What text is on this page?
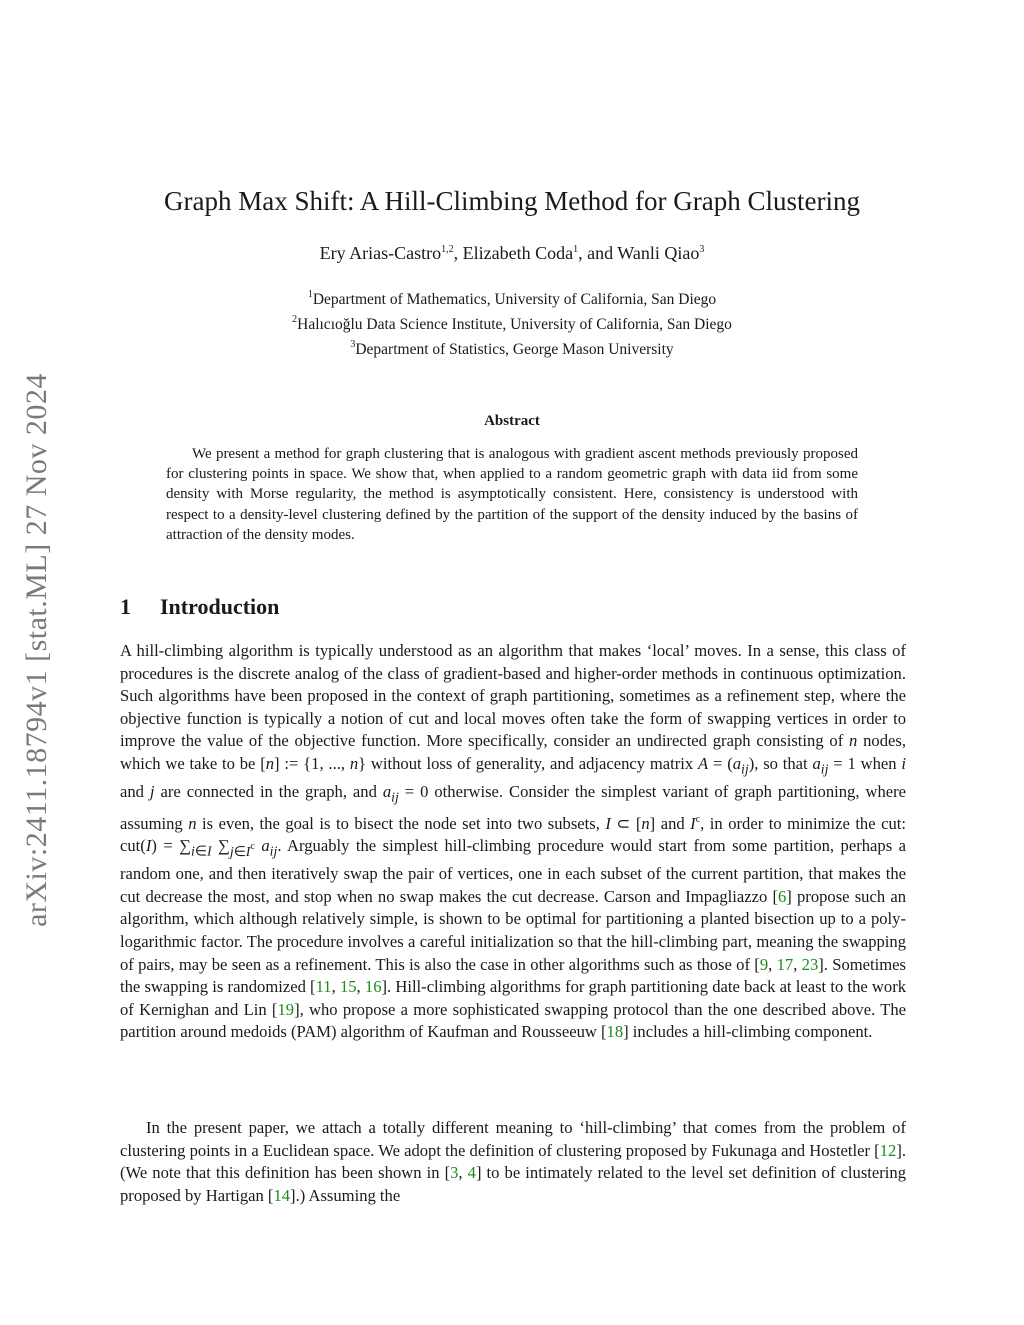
arXiv:2411.18794v1 [stat.ML] 27 Nov 2024
Graph Max Shift: A Hill-Climbing Method for Graph Clustering
Ery Arias-Castro$^{1,2}$, Elizabeth Coda$^1$, and Wanli Qiao$^3$
$^1$Department of Mathematics, University of California, San Diego
$^2$Halıcıoğlu Data Science Institute, University of California, San Diego
$^3$Department of Statistics, George Mason University
Abstract
We present a method for graph clustering that is analogous with gradient ascent methods previously proposed for clustering points in space. We show that, when applied to a random geometric graph with data iid from some density with Morse regularity, the method is asymptotically consistent. Here, consistency is understood with respect to a density-level clustering defined by the partition of the support of the density induced by the basins of attraction of the density modes.
1 Introduction
A hill-climbing algorithm is typically understood as an algorithm that makes ‘local’ moves. In a sense, this class of procedures is the discrete analog of the class of gradient-based and higher-order methods in continuous optimization. Such algorithms have been proposed in the context of graph partitioning, sometimes as a refinement step, where the objective function is typically a notion of cut and local moves often take the form of swapping vertices in order to improve the value of the objective function. More specifically, consider an undirected graph consisting of n nodes, which we take to be [n] := {1, ..., n} without loss of generality, and adjacency matrix $A = (a_{ij})$, so that $a_{ij} = 1$ when i and j are connected in the graph, and $a_{ij} = 0$ otherwise. Consider the simplest variant of graph partitioning, where assuming n is even, the goal is to bisect the node set into two subsets, I ⊂ [n] and $I^c$, in order to minimize the cut: $cut(I) = \sum_{i\in I}$ $\sum_{j\in I^c}$ $a_{ij}$. Arguably the simplest hill-climbing procedure would start from some partition, perhaps a random one, and then iteratively swap the pair of vertices, one in each subset of the current partition, that makes the cut decrease the most, and stop when no swap makes the cut decrease. Carson and Impagliazzo [6] propose such an algorithm, which although relatively simple, is shown to be optimal for partitioning a planted bisection up to a poly-logarithmic factor. The procedure involves a careful initialization so that the hill-climbing part, meaning the swapping of pairs, may be seen as a refinement. This is also the case in other algorithms such as those of [9, 17, 23]. Sometimes the swapping is randomized [11, 15, 16]. Hill-climbing algorithms for graph partitioning date back at least to the work of Kernighan and Lin [19], who propose a more sophisticated swapping protocol than the one described above. The partition around medoids (PAM) algorithm of Kaufman and Rousseeuw [18] includes a hill-climbing component.
In the present paper, we attach a totally different meaning to ‘hill-climbing’ that comes from the problem of clustering points in a Euclidean space. We adopt the definition of clustering proposed by Fukunaga and Hostetler [12]. (We note that this definition has been shown in [3, 4] to be intimately related to the level set definition of clustering proposed by Hartigan [14].) Assuming the
